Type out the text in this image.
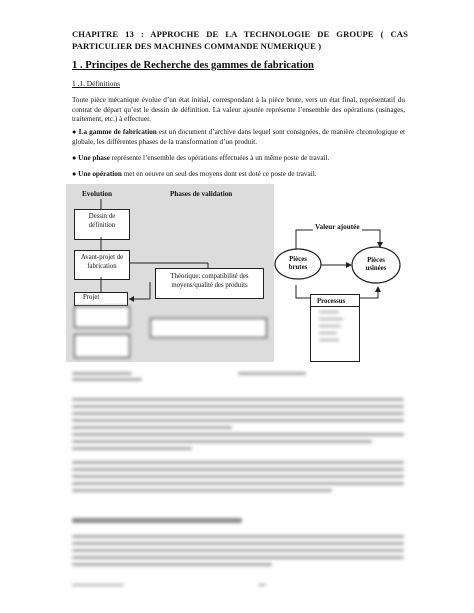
CHAPITRE 13 : APPROCHE DE LA TECHNOLOGIE DE GROUPE ( CAS PARTICULIER DES MACHINES COMMANDE NUMERIQUE )
1 . Principes de Recherche des gammes de fabrication
1 .1. Définitions
Toute pièce mécanique évolue d’un état initial, correspondant à la pièce brute, vers un état final, représentatif du contrat de départ qu’est le dessin de définition. La valeur ajoutée représente l’ensemble des opérations (usinages, traitement, etc.) à effectuer.
● La gamme de fabrication est un document d’archive dans lequel sont consignées, de manière chronologique et globale, les différentes phases de la transformation d’un produit.
● Une phase représente l’ensemble des opérations effectuées à un même poste de travail.
● Une opération met en oeuvre un seul des moyens dont est doté ce poste de travail.
Evolution	Phases de validation
Dessin de définition
Avant-projet de fabrication
Théorique: compatibilité des moyens/qualité des produits
Projet
Valeur ajoutée
Pièces brutes
Pièces usinées
Processus
